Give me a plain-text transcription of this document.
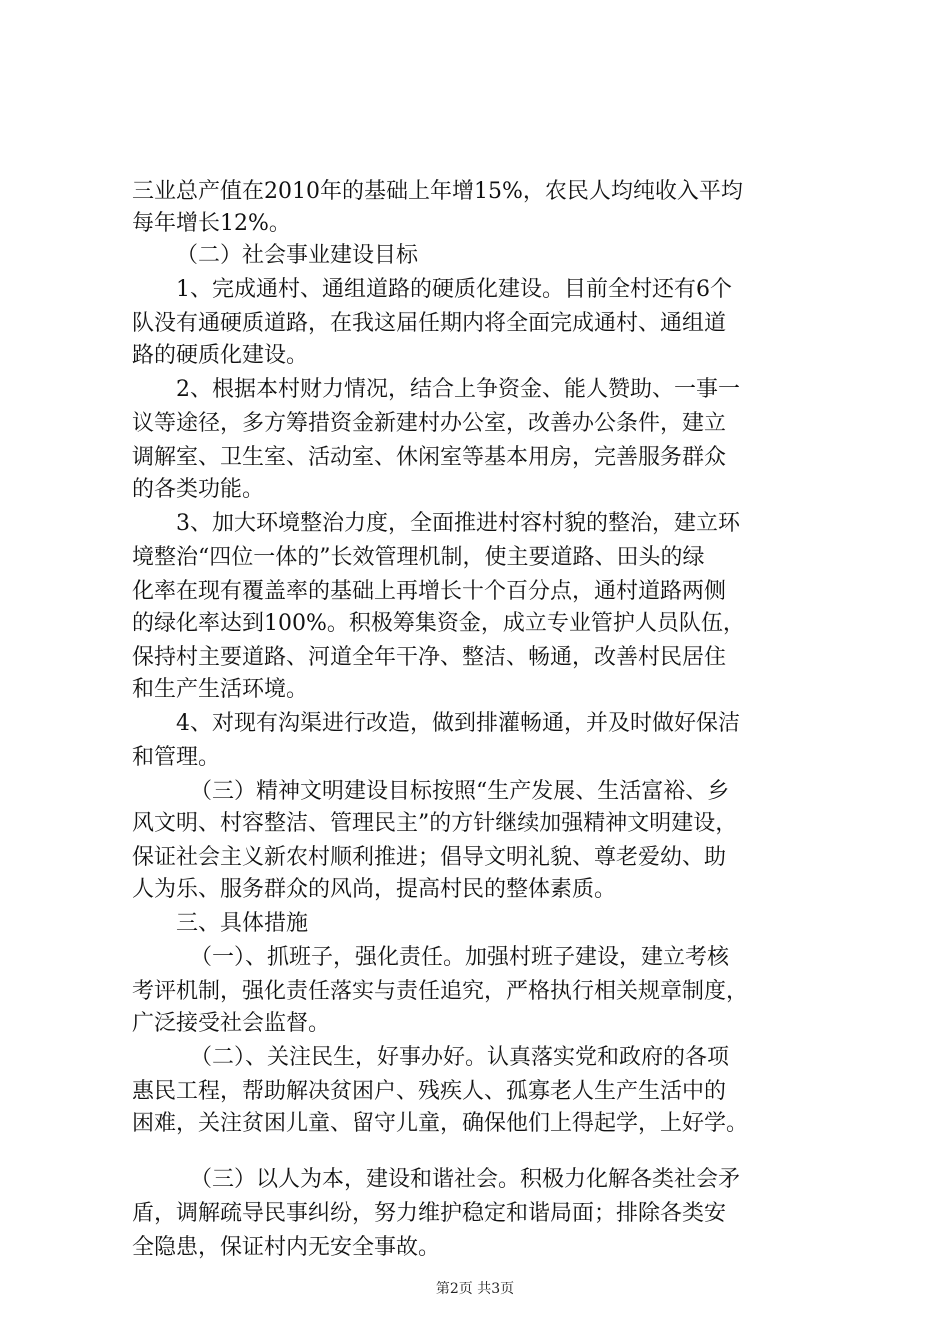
三业总产值在2010年的基础上年增15%，农民人均纯收入平均
每年增长12%。
（二）社会事业建设目标
1、完成通村、通组道路的硬质化建设。目前全村还有6个
队没有通硬质道路，在我这届任期内将全面完成通村、通组道
路的硬质化建设。
2、根据本村财力情况，结合上争资金、能人赞助、一事一
议等途径，多方筹措资金新建村办公室，改善办公条件，建立
调解室、卫生室、活动室、休闲室等基本用房，完善服务群众
的各类功能。
3、加大环境整治力度，全面推进村容村貌的整治，建立环
境整治“四位一体的”长效管理机制，使主要道路、田头的绿
化率在现有覆盖率的基础上再增长十个百分点，通村道路两侧
的绿化率达到100%。积极筹集资金，成立专业管护人员队伍，
保持村主要道路、河道全年干净、整洁、畅通，改善村民居住
和生产生活环境。
4、对现有沟渠进行改造，做到排灌畅通，并及时做好保洁
和管理。
（三）精神文明建设目标按照“生产发展、生活富裕、乡
风文明、村容整洁、管理民主”的方针继续加强精神文明建设，
保证社会主义新农村顺利推进；倡导文明礼貌、尊老爱幼、助
人为乐、服务群众的风尚，提高村民的整体素质。
三、具体措施
（一）、抓班子，强化责任。加强村班子建设，建立考核
考评机制，强化责任落实与责任追究，严格执行相关规章制度，
广泛接受社会监督。
（二）、关注民生，好事办好。认真落实党和政府的各项
惠民工程，帮助解决贫困户、残疾人、孤寡老人生产生活中的
困难，关注贫困儿童、留守儿童，确保他们上得起学，上好学。
（三）以人为本，建设和谐社会。积极力化解各类社会矛
盾，调解疏导民事纠纷，努力维护稳定和谐局面；排除各类安
全隐患，保证村内无安全事故。
第2页 共3页
